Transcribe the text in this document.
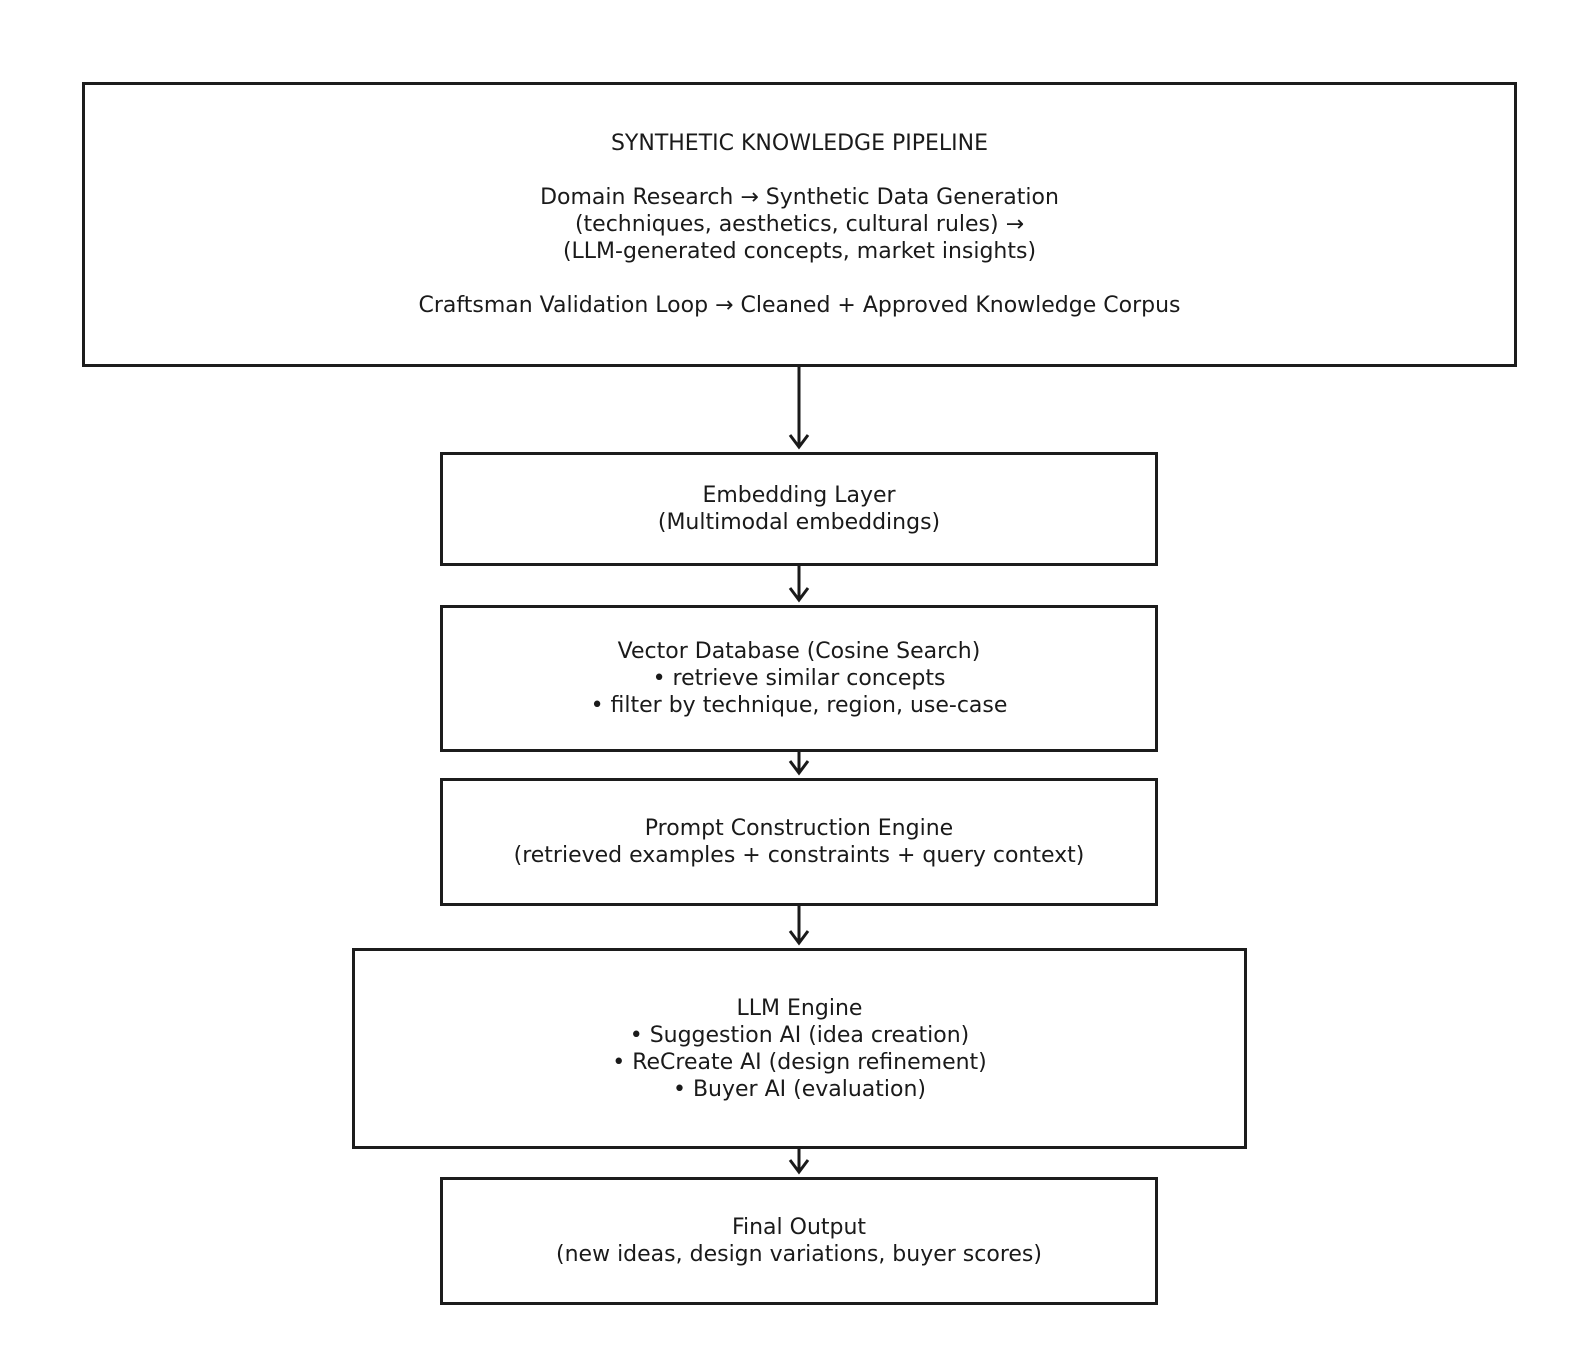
SYNTHETIC KNOWLEDGE PIPELINE
Domain Research → Synthetic Data Generation
(techniques, aesthetics, cultural rules) →
(LLM-generated concepts, market insights)
Craftsman Validation Loop → Cleaned + Approved Knowledge Corpus
Embedding Layer
(Multimodal embeddings)
Vector Database (Cosine Search)
• retrieve similar concepts
• filter by technique, region, use-case
Prompt Construction Engine
(retrieved examples + constraints + query context)
LLM Engine
• Suggestion AI (idea creation)
• ReCreate AI (design refinement)
• Buyer AI (evaluation)
Final Output
(new ideas, design variations, buyer scores)
